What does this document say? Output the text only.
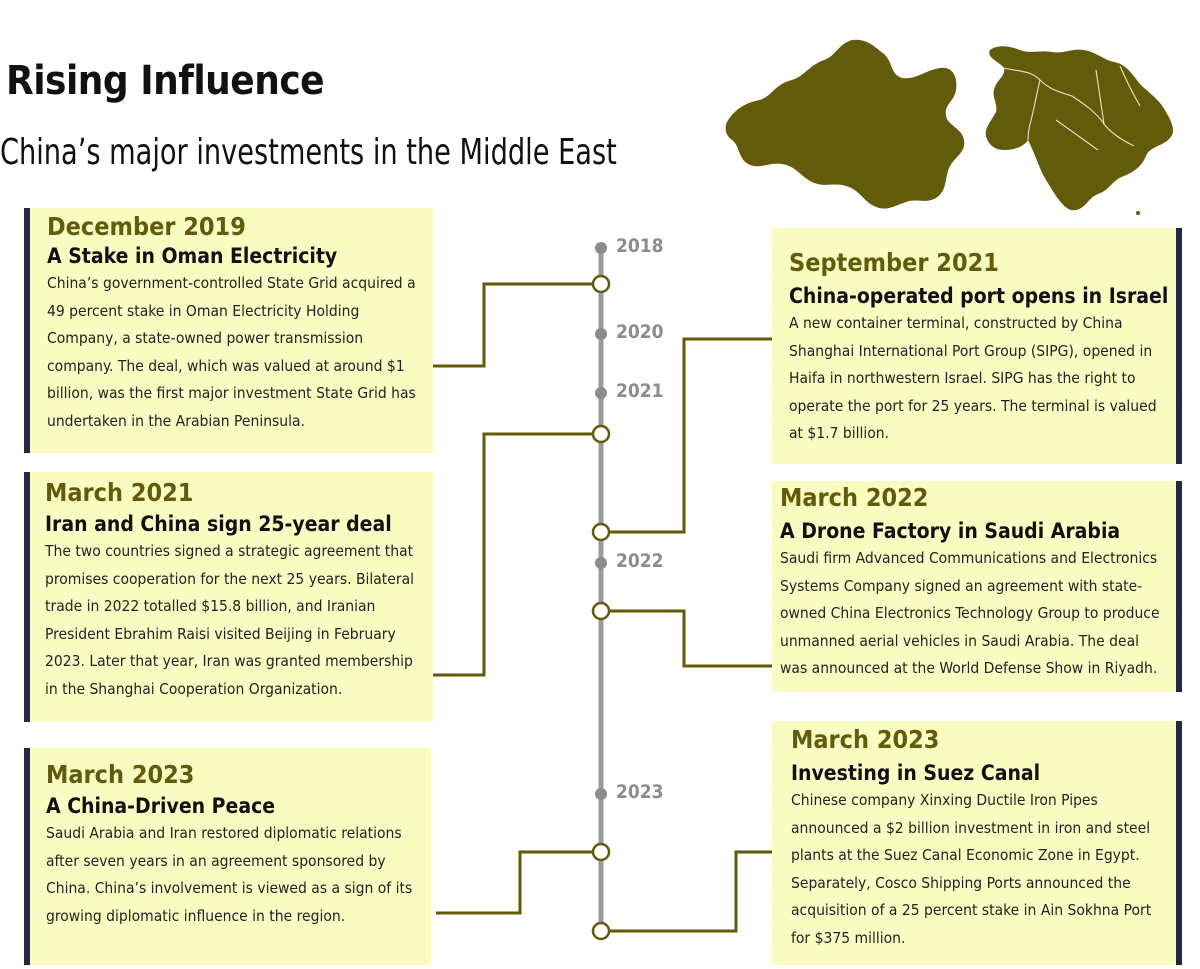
Rising Influence
China’s major investments in the Middle East
2018
2020
2021
2022
2023
December 2019
A Stake in Oman Electricity
China’s government-controlled State Grid acquired a 49 percent stake in Oman Electricity Holding Company, a state-owned power transmission company. The deal, which was valued at around $1 billion, was the first major investment State Grid has undertaken in the Arabian Peninsula.
March 2021
Iran and China sign 25-year deal
The two countries signed a strategic agreement that promises cooperation for the next 25 years. Bilateral trade in 2022 totalled $15.8 billion, and Iranian President Ebrahim Raisi visited Beijing in February 2023. Later that year, Iran was granted membership in the Shanghai Cooperation Organization.
March 2023
A China-Driven Peace
Saudi Arabia and Iran restored diplomatic relations after seven years in an agreement sponsored by China. China’s involvement is viewed as a sign of its growing diplomatic influence in the region.
September 2021
China-operated port opens in Israel
A new container terminal, constructed by China Shanghai International Port Group (SIPG), opened in Haifa in northwestern Israel. SIPG has the right to operate the port for 25 years. The terminal is valued at $1.7 billion.
March 2022
A Drone Factory in Saudi Arabia
Saudi firm Advanced Communications and Electronics Systems Company signed an agreement with state-owned China Electronics Technology Group to produce unmanned aerial vehicles in Saudi Arabia. The deal was announced at the World Defense Show in Riyadh.
March 2023
Investing in Suez Canal
Chinese company Xinxing Ductile Iron Pipes announced a $2 billion investment in iron and steel plants at the Suez Canal Economic Zone in Egypt. Separately, Cosco Shipping Ports announced the acquisition of a 25 percent stake in Ain Sokhna Port for $375 million.
